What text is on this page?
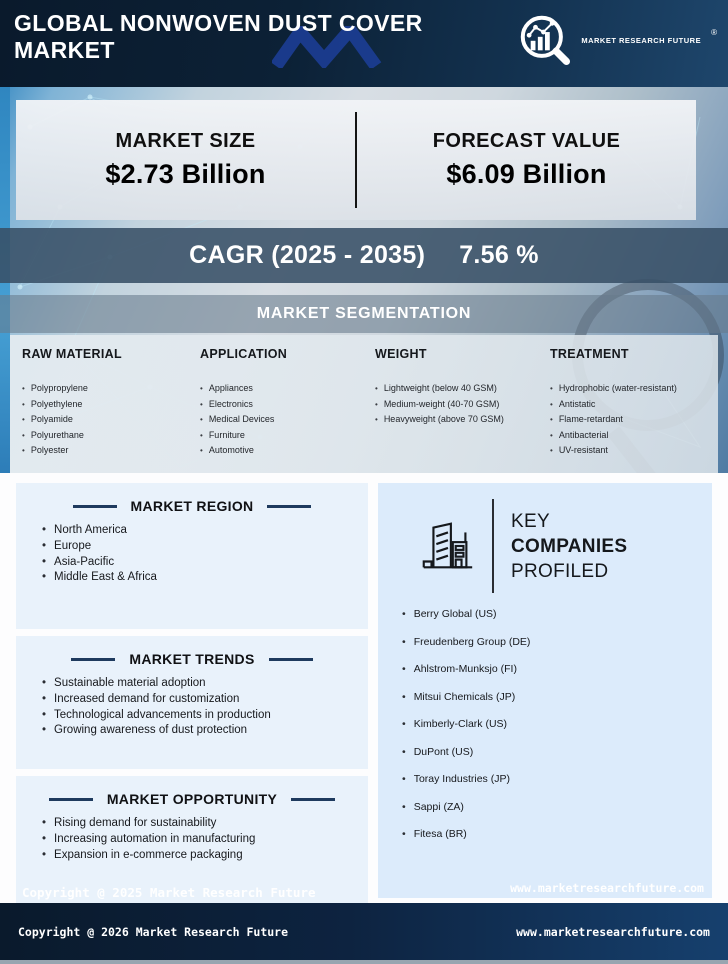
GLOBAL NONWOVEN DUST COVER
MARKET	MARKET RESEARCH FUTURE
®
MARKET SIZE
$2.73 Billion
FORECAST VALUE
$6.09 Billion
CAGR (2025 - 2035) 7.56 %
MARKET SEGMENTATION
RAW MATERIAL
• Polypropylene
• Polyethylene
• Polyamide
• Polyurethane
• Polyester
APPLICATION
• Appliances
• Electronics
• Medical Devices
• Furniture
• Automotive
WEIGHT
• Lightweight (below 40 GSM)
• Medium-weight (40-70 GSM)
• Heavyweight (above 70 GSM)
TREATMENT
• Hydrophobic (water-resistant)
• Antistatic
• Flame-retardant
• Antibacterial
• UV-resistant
MARKET REGION
• North America
• Europe
• Asia-Pacific
• Middle East & Africa
MARKET TRENDS
• Sustainable material adoption
• Increased demand for customization
• Technological advancements in production
• Growing awareness of dust protection
MARKET OPPORTUNITY
• Rising demand for sustainability
• Increasing automation in manufacturing
• Expansion in e-commerce packaging
Copyright @ 2025 Market Research Future
KEY
COMPANIES
PROFILED
• Berry Global (US)
• Freudenberg Group (DE)
• Ahlstrom-Munksjo (FI)
• Mitsui Chemicals (JP)
• Kimberly-Clark (US)
• DuPont (US)
• Toray Industries (JP)
• Sappi (ZA)
• Fitesa (BR)
www.marketresearchfuture.com
Copyright @ 2026 Market Research Future	www.marketresearchfuture.com
